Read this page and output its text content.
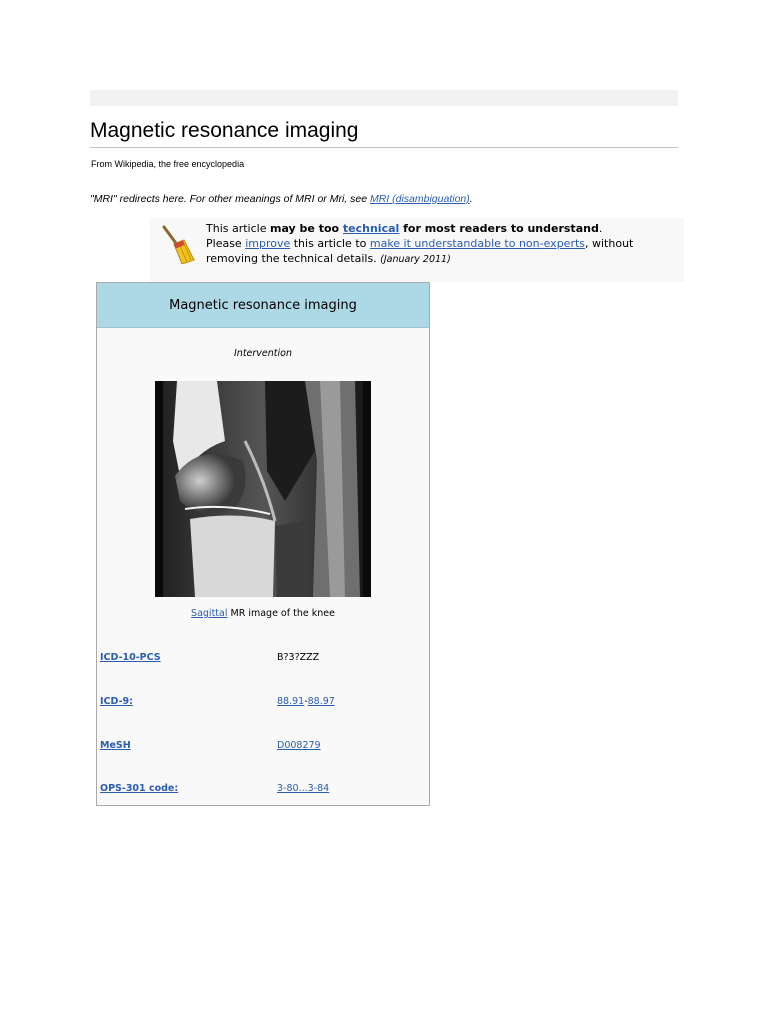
Magnetic resonance imaging
From Wikipedia, the free encyclopedia
"MRI" redirects here. For other meanings of MRI or Mri, see MRI (disambiguation).
This article may be too technical for most readers to understand.
Please improve this article to make it understandable to non-experts, without
removing the technical details. (January 2011)
Magnetic resonance imaging
Intervention
Sagittal MR image of the knee
ICD-10-PCS	B?3?ZZZ
ICD-9:	88.91-88.97
MeSH	D008279
OPS-301 code:	3-80...3-84
